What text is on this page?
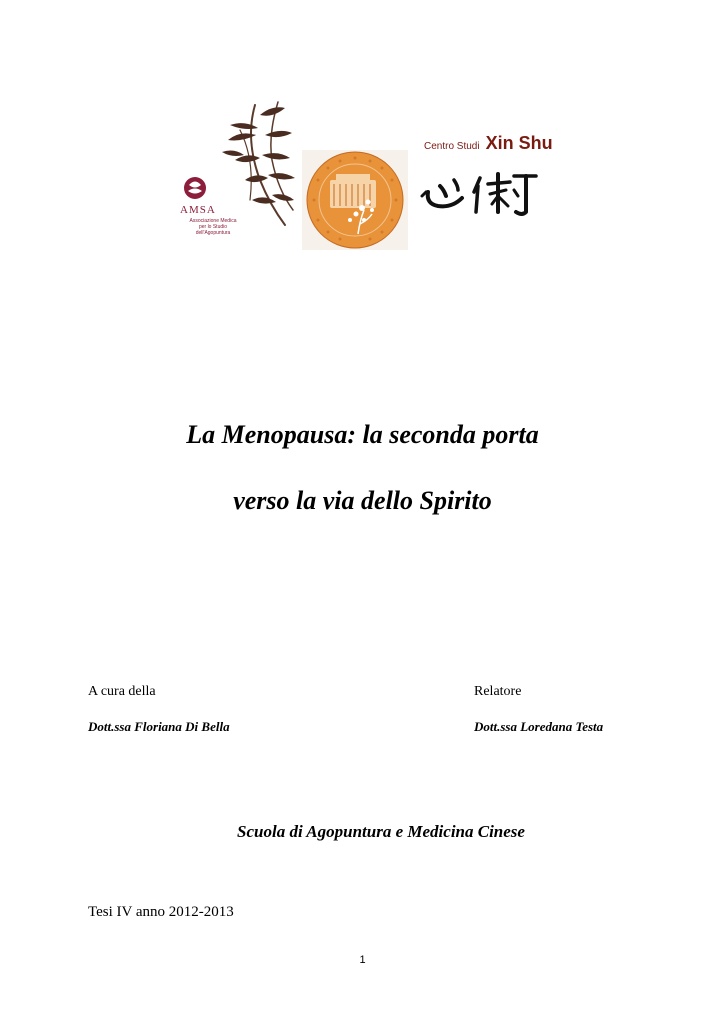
AMSA
Associazione Medica
per lo Studio
dell'Agopuntura
Centro Studi Xin Shu
La Menopausa: la seconda porta
verso la via dello Spirito
A cura della
Dott.ssa Floriana Di Bella
Relatore
Dott.ssa Loredana Testa
Scuola di Agopuntura e Medicina Cinese
Tesi IV anno 2012-2013
1
